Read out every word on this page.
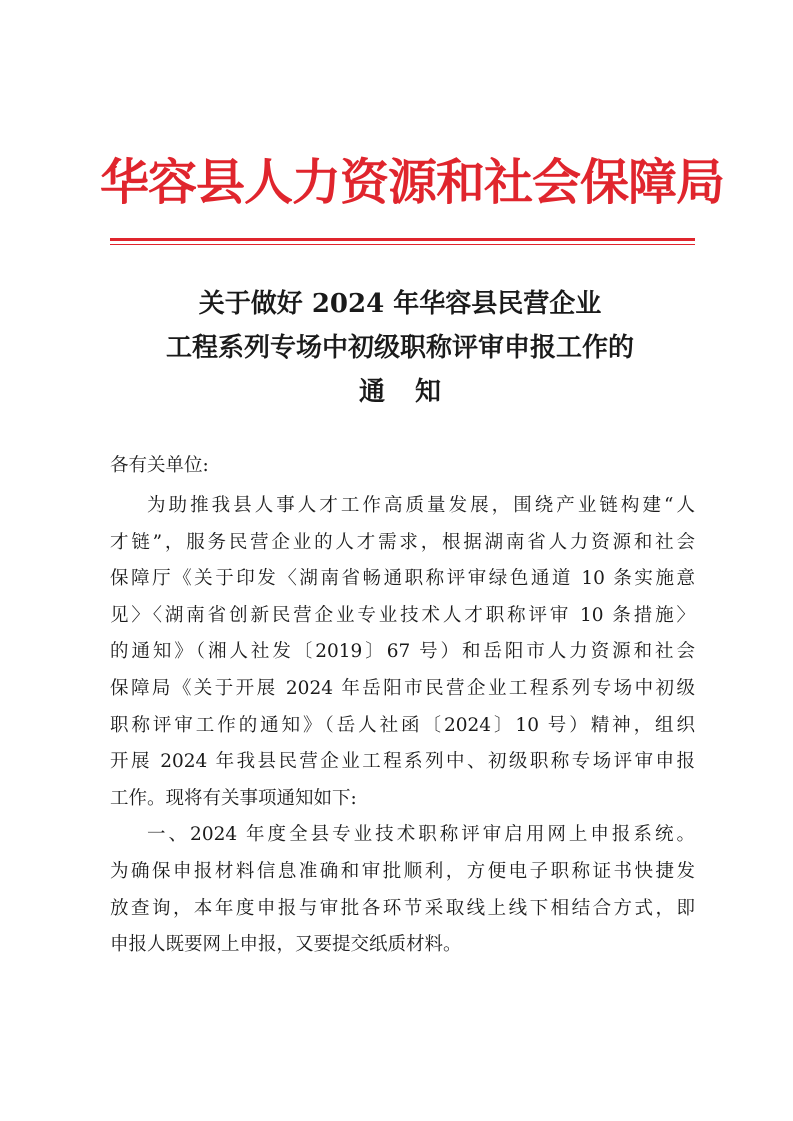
华容县人力资源和社会保障局
关于做好 2024 年华容县民营企业
工程系列专场中初级职称评审申报工作的
通知
各有关单位:
为助推我县人事人才工作高质量发展，围绕产业链构建“人
才链”，服务民营企业的人才需求，根据湖南省人力资源和社会
保障厅《关于印发〈湖南省畅通职称评审绿色通道 10 条实施意
见〉〈湖南省创新民营企业专业技术人才职称评审 10 条措施〉
的通知》（湘人社发〔2019〕67 号）和岳阳市人力资源和社会
保障局《关于开展 2024 年岳阳市民营企业工程系列专场中初级
职称评审工作的通知》（岳人社函〔2024〕10 号）精神，组织
开展 2024 年我县民营企业工程系列中、初级职称专场评审申报
工作。现将有关事项通知如下:
一、2024 年度全县专业技术职称评审启用网上申报系统。
为确保申报材料信息准确和审批顺利，方便电子职称证书快捷发
放查询，本年度申报与审批各环节采取线上线下相结合方式，即
申报人既要网上申报，又要提交纸质材料。
